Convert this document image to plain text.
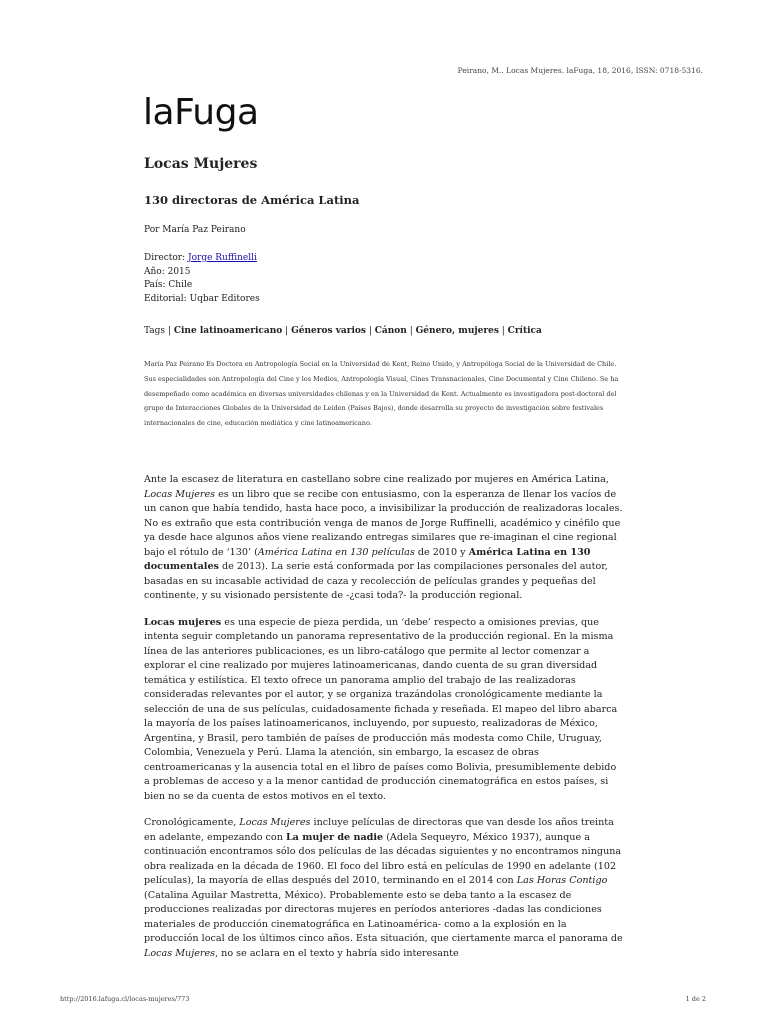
Peirano, M.. Locas Mujeres. laFuga, 18, 2016, ISSN: 0718-5316.
laFuga
Locas Mujeres
130 directoras de América Latina

Por María Paz Peirano

Director: Jorge Ruffinelli
Año: 2015
País: Chile
Editorial: Uqbar Editores
Tags | Cine latinoamericano | Géneros varios | Cánon | Género, mujeres | Crítica
María Paz Peirano Es Doctora en Antropología Social en la Universidad de Kent, Reino Unido, y Antropóloga Social de la Universidad de Chile. Sus especialidades son Antropología del Cine y los Medios, Antropología Visual, Cines Transnacionales, Cine Documental y Cine Chileno. Se ha desempeñado como académica en diversas universidades chilenas y en la Universidad de Kent. Actualmente es investigadora post-doctoral del grupo de Interacciones Globales de la Universidad de Leiden (Países Bajos), donde desarrolla su proyecto de investigación sobre festivales internacionales de cine, educación mediática y cine latinoamericano.

Ante la escasez de literatura en castellano sobre cine realizado por mujeres en América Latina, Locas Mujeres es un libro que se recibe con entusiasmo, con la esperanza de llenar los vacíos de un canon que había tendido, hasta hace poco, a invisibilizar la producción de realizadoras locales. No es extraño que esta contribución venga de manos de Jorge Ruffinelli, académico y cinéfilo que ya desde hace algunos años viene realizando entregas similares que re-imaginan el cine regional bajo el rótulo de ‘130’ (América Latina en 130 películas de 2010 y América Latina en 130 documentales de 2013). La serie está conformada por las compilaciones personales del autor, basadas en su incasable actividad de caza y recolección de películas grandes y pequeñas del continente, y su visionado persistente de -¿casi toda?- la producción regional.

Locas mujeres es una especie de pieza perdida, un ‘debe’ respecto a omisiones previas, que intenta seguir completando un panorama representativo de la producción regional. En la misma línea de las anteriores publicaciones, es un libro-catálogo que permite al lector comenzar a explorar el cine realizado por mujeres latinoamericanas, dando cuenta de su gran diversidad temática y estilística. El texto ofrece un panorama amplio del trabajo de las realizadoras consideradas relevantes por el autor, y se organiza trazándolas cronológicamente mediante la selección de una de sus películas, cuidadosamente fichada y reseñada. El mapeo del libro abarca la mayoría de los países latinoamericanos, incluyendo, por supuesto, realizadoras de México, Argentina, y Brasil, pero también de países de producción más modesta como Chile, Uruguay, Colombia, Venezuela y Perú. Llama la atención, sin embargo, la escasez de obras centroamericanas y la ausencia total en el libro de países como Bolivia, presumiblemente debido a problemas de acceso y a la menor cantidad de producción cinematográfica en estos países, si bien no se da cuenta de estos motivos en el texto.

Cronológicamente, Locas Mujeres incluye películas de directoras que van desde los años treinta en adelante, empezando con La mujer de nadie (Adela Sequeyro, México 1937), aunque a continuación encontramos sólo dos películas de las décadas siguientes y no encontramos ninguna obra realizada en la década de 1960. El foco del libro está en películas de 1990 en adelante (102 películas), la mayoría de ellas después del 2010, terminando en el 2014 con Las Horas Contigo (Catalina Aguilar Mastretta, México). Probablemente esto se deba tanto a la escasez de producciones realizadas por directoras mujeres en períodos anteriores -dadas las condiciones materiales de producción cinematográfica en Latinoamérica- como a la explosión en la producción local de los últimos cinco años. Esta situación, que ciertamente marca el panorama de Locas Mujeres, no se aclara en el texto y habría sido interesante

http://2016.lafuga.cl/locas-mujeres/773	1 de 2
